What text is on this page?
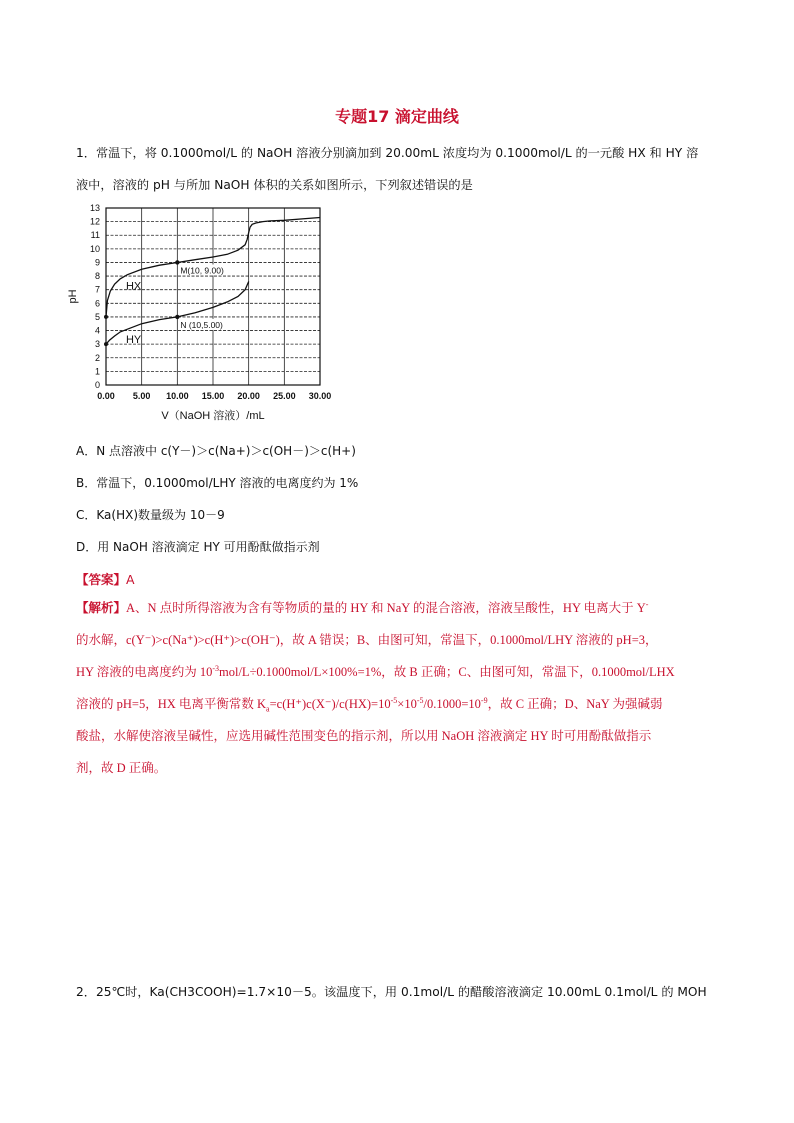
专题17 滴定曲线
1．常温下，将 0.1000mol/L 的 NaOH 溶液分别滴加到 20.00mL 浓度均为 0.1000mol/L 的一元酸 HX 和 HY 溶
液中，溶液的 pH 与所加 NaOH 体积的关系如图所示，下列叙述错误的是
0
1
2
3
4
5
6
7
8
9
10
11
12
13
0.00 5.00 10.00 15.00 20.00 25.00 30.00
V（NaOH 溶液）/mL
pH
HX
HY
M(10, 9.00)
N (10,5.00)
A．N 点溶液中 c(Y－)＞c(Na+)＞c(OH－)＞c(H+)
B．常温下，0.1000mol/LHY 溶液的电离度约为 1%
C．Ka(HX)数量级为 10－9
D．用 NaOH 溶液滴定 HY 可用酚酞做指示剂
【答案】A
【解析】A、N 点时所得溶液为含有等物质的量的 HY 和 NaY 的混合溶液，溶液呈酸性，HY 电离大于 Y-
的水解，c(Y⁻)>c(Na⁺)>c(H⁺)>c(OH⁻)，故 A 错误；B、由图可知，常温下，0.1000mol/LHY 溶液的 pH=3，
HY 溶液的电离度约为 $10^{-3}mol/L\div 0.1000mol/L\times 100\%=1\%$，故 B 正确；C、由图可知，常温下，0.1000mol/LHX
溶液的 pH=5，HX 电离平衡常数 $K_a=c(H^+)c(X^-)/c(HX)=10^{-5}\times 10^{-5}/0.1000=10^{-9}$，故 C 正确；D、NaY 为强碱弱
酸盐，水解使溶液呈碱性，应选用碱性范围变色的指示剂，所以用 NaOH 溶液滴定 HY 时可用酚酞做指示
剂，故 D 正确。
2．25℃时，Ka(CH3COOH)=1.7×10－5。该温度下，用 0.1mol/L 的醋酸溶液滴定 10.00mL 0.1mol/L 的 MOH
